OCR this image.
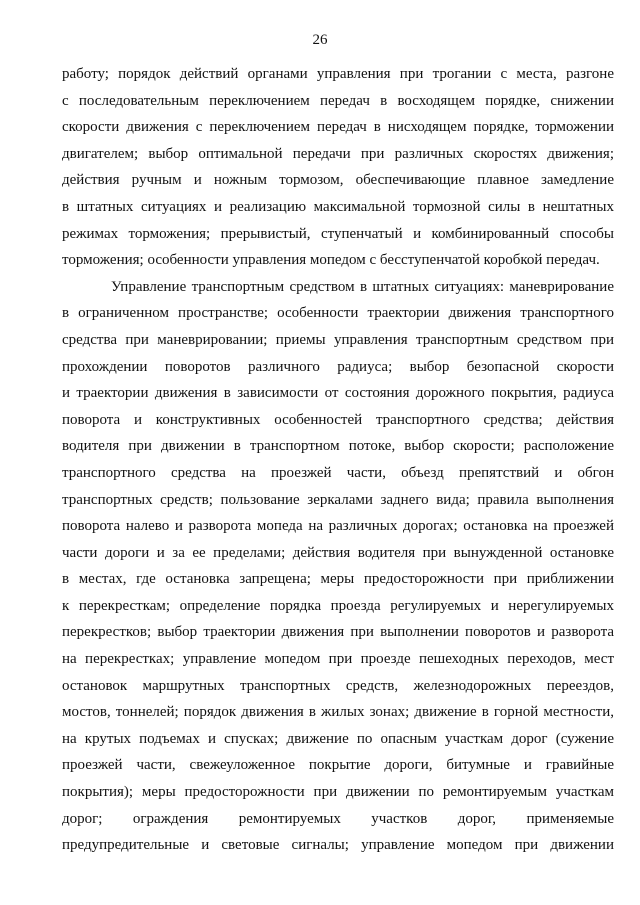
26
работу; порядок действий органами управления при трогании с места, разгоне
с последовательным переключением передач в восходящем порядке, снижении
скорости движения с переключением передач в нисходящем порядке, торможении
двигателем; выбор оптимальной передачи при различных скоростях движения;
действия ручным и ножным тормозом, обеспечивающие плавное замедление
в штатных ситуациях и реализацию максимальной тормозной силы в нештатных
режимах торможения; прерывистый, ступенчатый и комбинированный способы
торможения; особенности управления мопедом с бесступенчатой коробкой передач.
Управление транспортным средством в штатных ситуациях: маневрирование
в ограниченном пространстве; особенности траектории движения транспортного
средства при маневрировании; приемы управления транспортным средством при
прохождении поворотов различного радиуса; выбор безопасной скорости
и траектории движения в зависимости от состояния дорожного покрытия, радиуса
поворота и конструктивных особенностей транспортного средства; действия
водителя при движении в транспортном потоке, выбор скорости; расположение
транспортного средства на проезжей части, объезд препятствий и обгон
транспортных средств; пользование зеркалами заднего вида; правила выполнения
поворота налево и разворота мопеда на различных дорогах; остановка на проезжей
части дороги и за ее пределами; действия водителя при вынужденной остановке
в местах, где остановка запрещена; меры предосторожности при приближении
к перекресткам; определение порядка проезда регулируемых и нерегулируемых
перекрестков; выбор траектории движения при выполнении поворотов и разворота
на перекрестках; управление мопедом при проезде пешеходных переходов, мест
остановок маршрутных транспортных средств, железнодорожных переездов,
мостов, тоннелей; порядок движения в жилых зонах; движение в горной местности,
на крутых подъемах и спусках; движение по опасным участкам дорог (сужение
проезжей части, свежеуложенное покрытие дороги, битумные и гравийные
покрытия); меры предосторожности при движении по ремонтируемым участкам
дорог; ограждения ремонтируемых участков дорог, применяемые
предупредительные и световые сигналы; управление мопедом при движении
